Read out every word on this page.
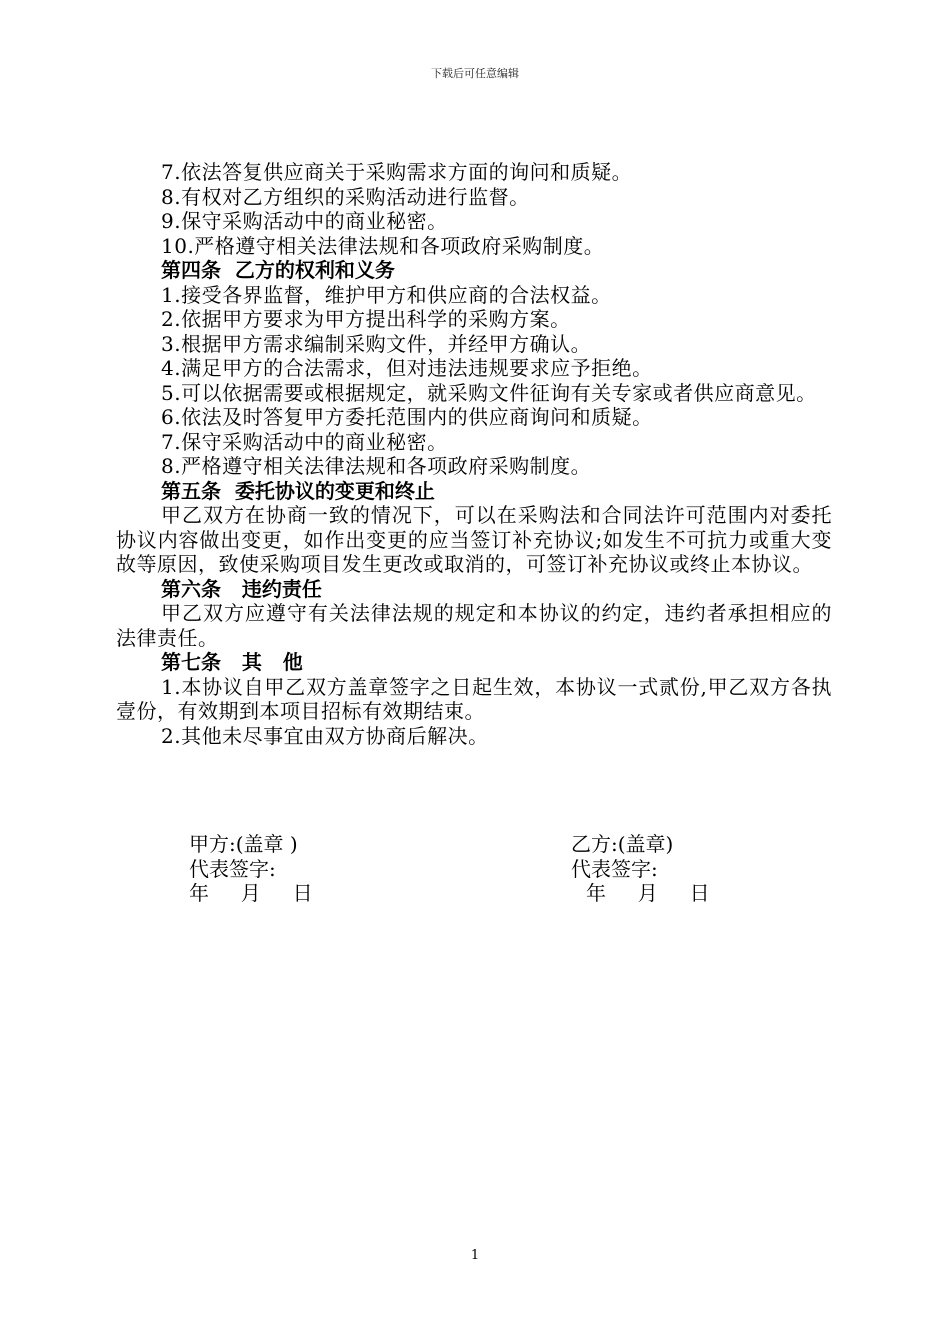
下载后可任意编辑

7.依法答复供应商关于采购需求方面的询问和质疑。

8.有权对乙方组织的采购活动进行监督。

9.保守采购活动中的商业秘密。

10.严格遵守相关法律法规和各项政府采购制度。

第四条  乙方的权利和义务

1.接受各界监督，维护甲方和供应商的合法权益。

2.依据甲方要求为甲方提出科学的采购方案。

3.根据甲方需求编制采购文件，并经甲方确认。

4.满足甲方的合法需求，但对违法违规要求应予拒绝。

5.可以依据需要或根据规定，就采购文件征询有关专家或者供应商意见。

6.依法及时答复甲方委托范围内的供应商询问和质疑。

7.保守采购活动中的商业秘密。

8.严格遵守相关法律法规和各项政府采购制度。

第五条  委托协议的变更和终止

甲乙双方在协商一致的情况下，可以在采购法和合同法许可范围内对委托协议内容做出变更，如作出变更的应当签订补充协议;如发生不可抗力或重大变故等原因，致使采购项目发生更改或取消的，可签订补充协议或终止本协议。

第六条   违约责任

甲乙双方应遵守有关法律法规的规定和本协议的约定，违约者承担相应的法律责任。

第七条   其   他

1.本协议自甲乙双方盖章签字之日起生效，本协议一式贰份,甲乙双方各执壹份，有效期到本项目招标有效期结束。

2.其他未尽事宜由双方协商后解决。

甲方:(盖章 )	乙方:(盖章)
代表签字:	代表签字:
年     月     日	年     月     日
1
